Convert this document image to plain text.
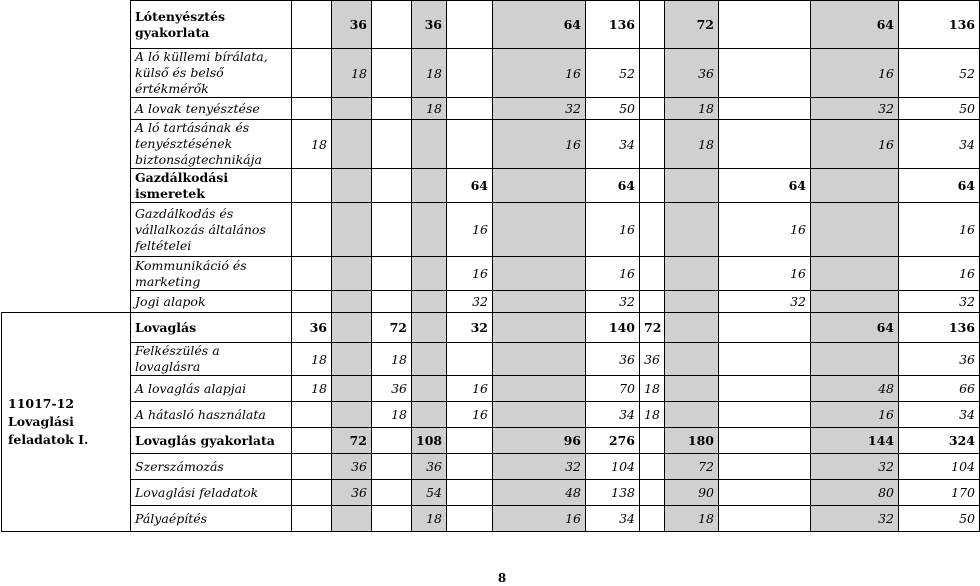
	Lótenyésztés gyakorlata		36		36		64	136		72		64	136
	A ló küllemi bírálata, külső és belső értékmérők		18		18		16	52		36		16	52
	A lovak tenyésztése				18		32	50		18		32	50
	A ló tartásának és tenyésztésének biztonságtechnikája	18					16	34		18		16	34
	Gazdálkodási ismeretek					64		64			64		64
	Gazdálkodás és vállalkozás általános feltételei					16		16			16		16
	Kommunikáció és marketing					16		16			16		16
	Jogi alapok					32		32			32		32

11017-12
Lovaglási
feladatok I.	Lovaglás	36		72		32		140	72			64	136
	Felkészülés a lovaglásra	18		18				36	36				36
	A lovaglás alapjai	18		36		16		70	18			48	66
	A hátasló használata			18		16		34	18			16	34
	Lovaglás gyakorlata		72		108		96	276		180		144	324
	Szerszámozás		36		36		32	104		72		32	104
	Lovaglási feladatok		36		54		48	138		90		80	170
	Pályaépítés				18		16	34		18		32	50
8
